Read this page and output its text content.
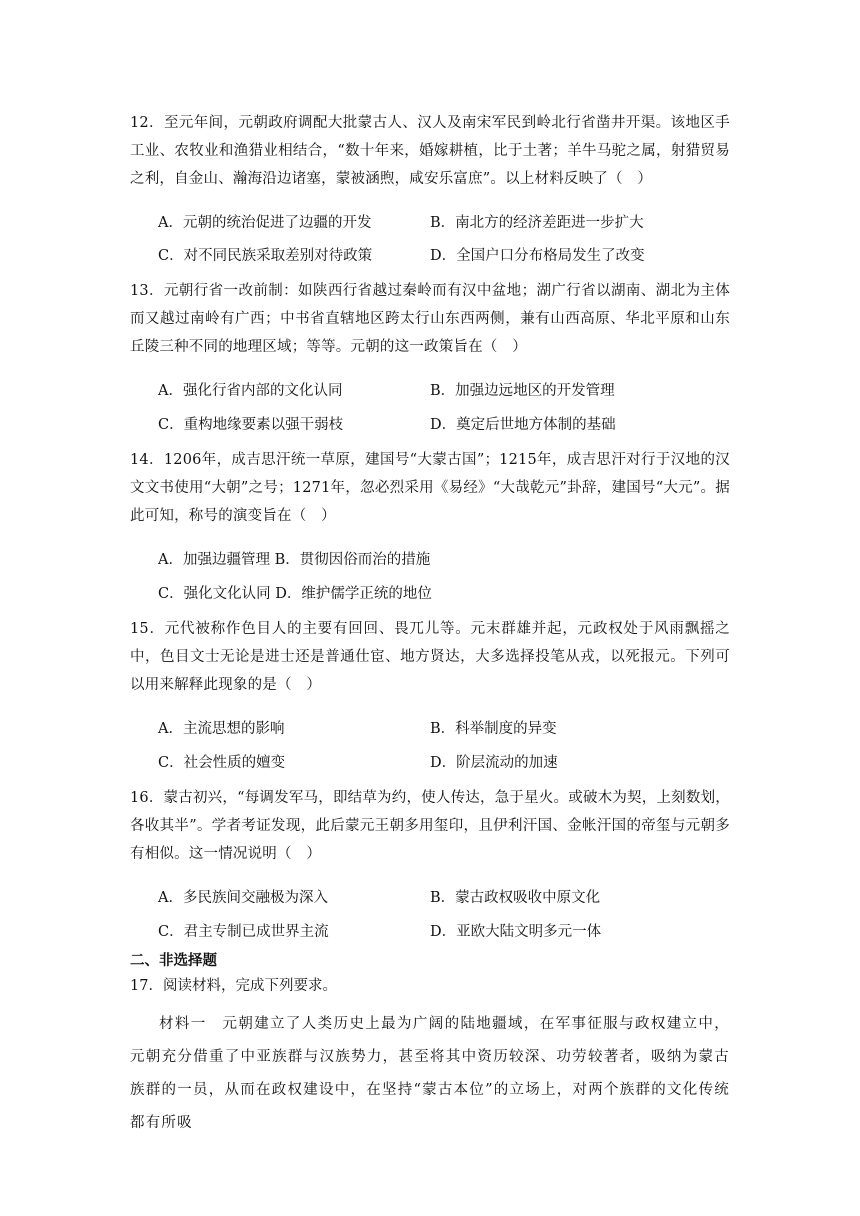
12．至元年间，元朝政府调配大批蒙古人、汉人及南宋军民到岭北行省凿井开渠。该地区手工业、农牧业和渔猎业相结合，“数十年来，婚嫁耕植，比于土著；羊牛马驼之属，射猎贸易之利，自金山、瀚海沿边诸塞，蒙被涵煦，咸安乐富庶”。以上材料反映了（　）

A．元朝的统治促进了边疆的开发	B．南北方的经济差距进一步扩大
C．对不同民族采取差别对待政策	D．全国户口分布格局发生了改变

13．元朝行省一改前制：如陕西行省越过秦岭而有汉中盆地；湖广行省以湖南、湖北为主体而又越过南岭有广西；中书省直辖地区跨太行山东西两侧，兼有山西高原、华北平原和山东丘陵三种不同的地理区域；等等。元朝的这一政策旨在（　）

A．强化行省内部的文化认同	B．加强边远地区的开发管理
C．重构地缘要素以强干弱枝	D．奠定后世地方体制的基础

14．1206年，成吉思汗统一草原，建国号“大蒙古国”；1215年，成吉思汗对行于汉地的汉文文书使用“大朝”之号；1271年，忽必烈采用《易经》“大哉乾元”卦辞，建国号“大元”。据此可知，称号的演变旨在（　）

A．加强边疆管理 B．贯彻因俗而治的措施
C．强化文化认同 D．维护儒学正统的地位

15．元代被称作色目人的主要有回回、畏兀儿等。元末群雄并起，元政权处于风雨飘摇之中，色目文士无论是进士还是普通仕宦、地方贤达，大多选择投笔从戎，以死报元。下列可以用来解释此现象的是（　）

A．主流思想的影响	B．科举制度的异变
C．社会性质的嬗变	D．阶层流动的加速

16．蒙古初兴，“每调发军马，即结草为约，使人传达，急于星火。或破木为契，上刻数划，各收其半”。学者考证发现，此后蒙元王朝多用玺印，且伊利汗国、金帐汗国的帝玺与元朝多有相似。这一情况说明（　）

A．多民族间交融极为深入	B．蒙古政权吸收中原文化
C．君主专制已成世界主流	D．亚欧大陆文明多元一体
二、非选择题
17．阅读材料，完成下列要求。
材料一　元朝建立了人类历史上最为广阔的陆地疆域，在军事征服与政权建立中，元朝充分借重了中亚族群与汉族势力，甚至将其中资历较深、功劳较著者，吸纳为蒙古族群的一员，从而在政权建设中，在坚持“蒙古本位”的立场上，对两个族群的文化传统都有所吸
